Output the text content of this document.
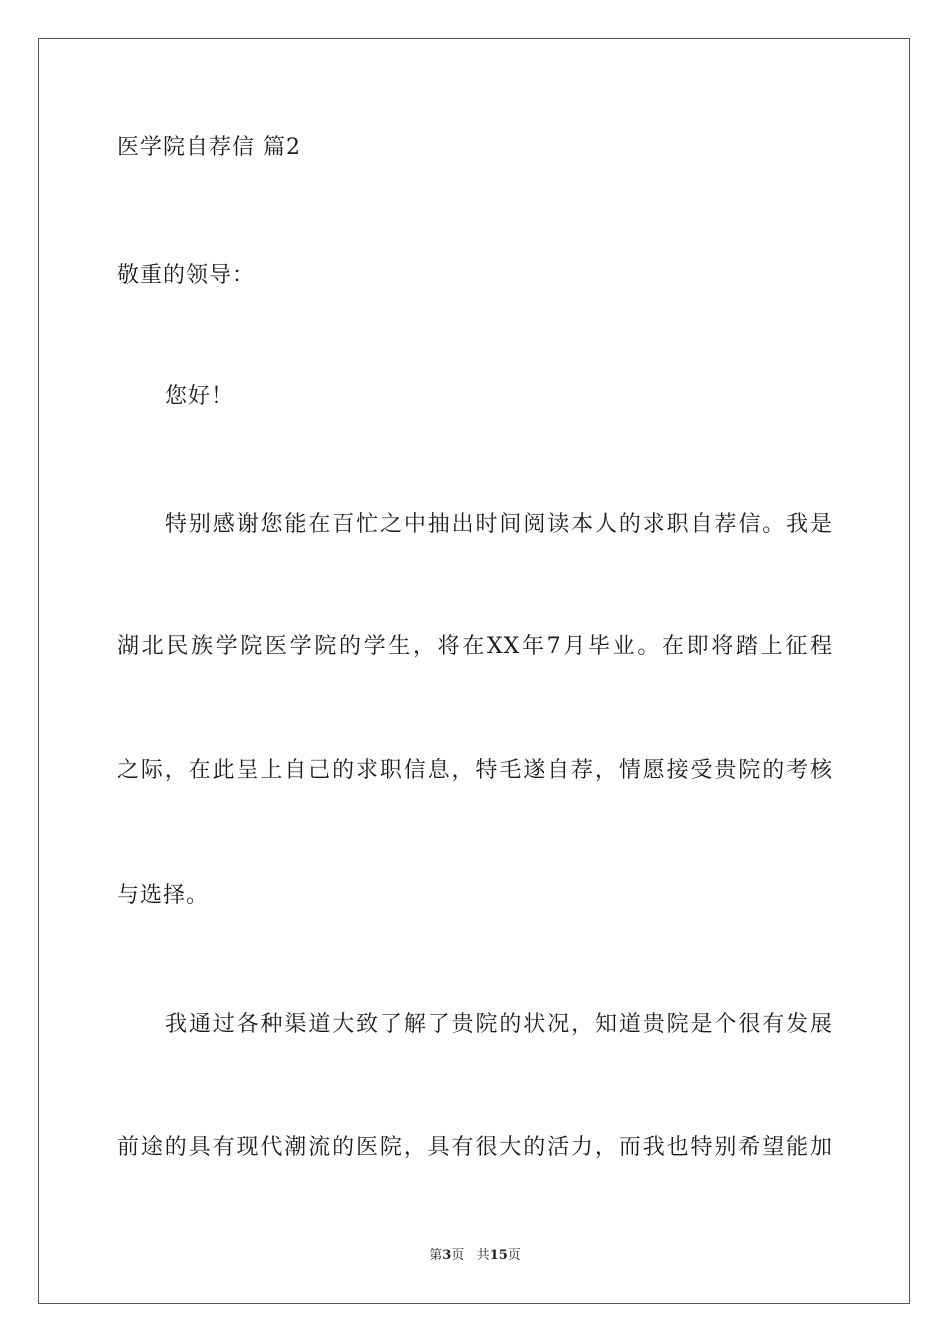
医学院自荐信 篇2
敬重的领导：
您好！
特别感谢您能在百忙之中抽出时间阅读本人的求职自荐信。我是
湖北民族学院医学院的学生，将在XX年7月毕业。在即将踏上征程
之际，在此呈上自己的求职信息，特毛遂自荐，情愿接受贵院的考核
与选择。
我通过各种渠道大致了解了贵院的状况，知道贵院是个很有发展
前途的具有现代潮流的医院，具有很大的活力，而我也特别希望能加
第3页 共15页
